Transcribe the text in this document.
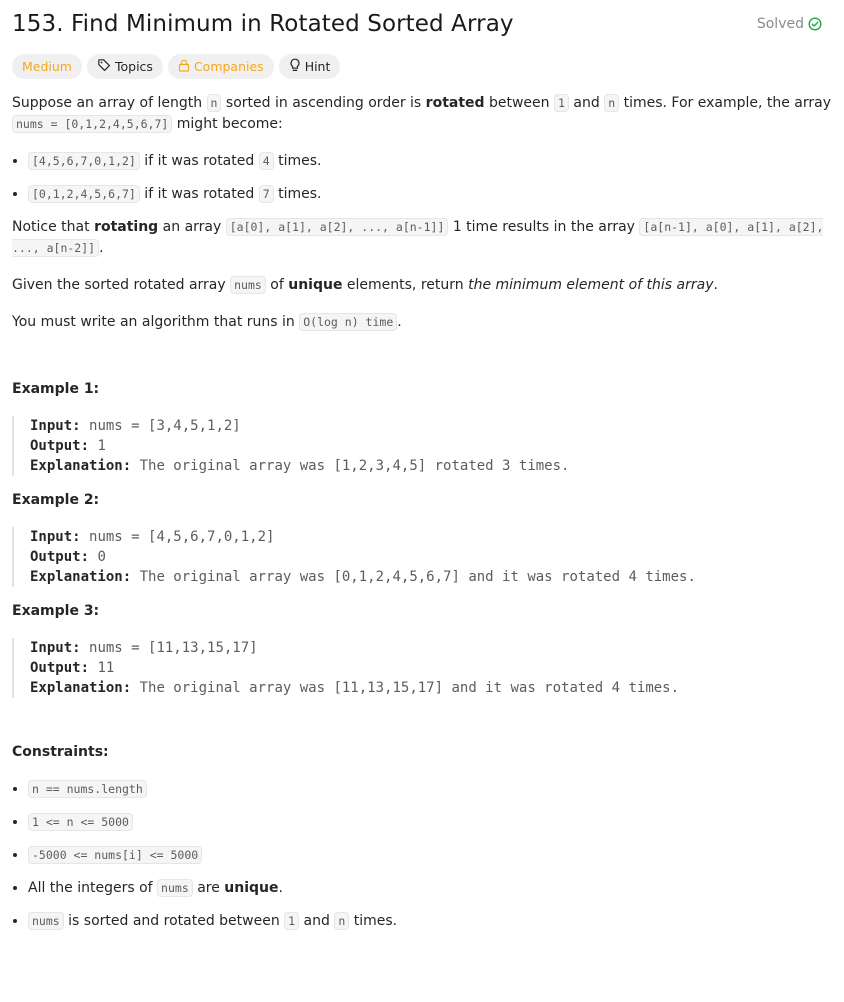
153. Find Minimum in Rotated Sorted Array	Solved
Medium	Topics	Companies	Hint

Suppose an array of length n sorted in ascending order is rotated between 1 and n times. For example, the array nums = [0,1,2,4,5,6,7] might become:

• [4,5,6,7,0,1,2] if it was rotated 4 times.
• [0,1,2,4,5,6,7] if it was rotated 7 times.

Notice that rotating an array [a[0], a[1], a[2], ..., a[n-1]] 1 time results in the array [a[n-1], a[0], a[1], a[2], ..., a[n-2]] .

Given the sorted rotated array nums of unique elements, return the minimum element of this array.

You must write an algorithm that runs in O(log n) time .

Example 1:

Input: nums = [3,4,5,1,2]
Output: 1
Explanation: The original array was [1,2,3,4,5] rotated 3 times.

Example 2:

Input: nums = [4,5,6,7,0,1,2]
Output: 0
Explanation: The original array was [0,1,2,4,5,6,7] and it was rotated 4 times.

Example 3:

Input: nums = [11,13,15,17]
Output: 11
Explanation: The original array was [11,13,15,17] and it was rotated 4 times.

Constraints:

• n == nums.length
• 1 <= n <= 5000
• -5000 <= nums[i] <= 5000
• All the integers of nums are unique.
• nums is sorted and rotated between 1 and n times.
